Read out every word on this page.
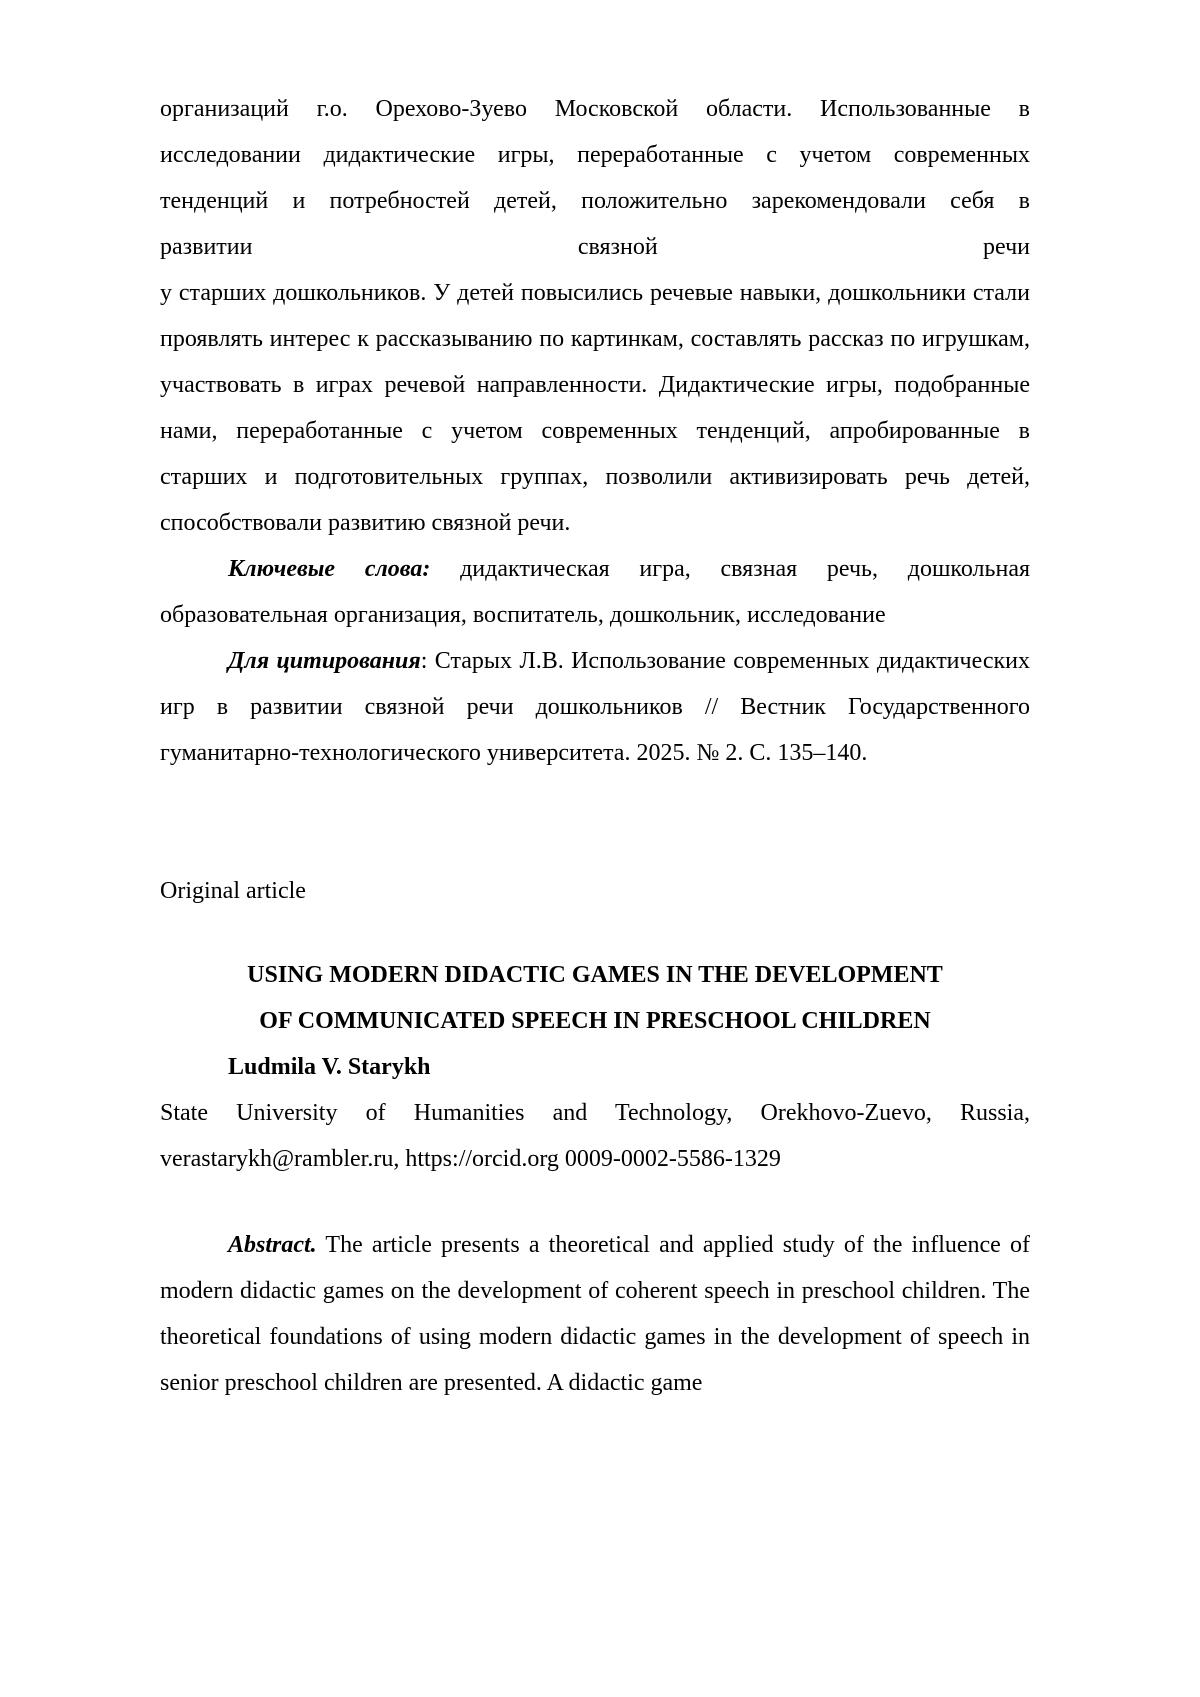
организаций г.о. Орехово-Зуево Московской области. Использованные в исследовании дидактические игры, переработанные с учетом современных тенденций и потребностей детей, положительно зарекомендовали себя в

развитии связной речи

у старших дошкольников. У детей повысились речевые навыки, дошкольники стали проявлять интерес к рассказыванию по картинкам, составлять рассказ по игрушкам, участвовать в играх речевой направленности. Дидактические игры, подобранные нами, переработанные с учетом современных тенденций, апробированные в старших и подготовительных группах, позволили активизировать речь детей, способствовали развитию связной речи.

Ключевые слова: дидактическая игра, связная речь, дошкольная образовательная организация, воспитатель, дошкольник, исследование

Для цитирования: Старых Л.В. Использование современных дидактических игр в развитии связной речи дошкольников // Вестник Государственного гуманитарно-технологического университета. 2025. № 2. С. 135–140.

Original article

USING MODERN DIDACTIC GAMES IN THE DEVELOPMENT

OF COMMUNICATED SPEECH IN PRESCHOOL CHILDREN

Ludmila V. Starykh

State University of Humanities and Technology, Orekhovo-Zuevo, Russia, verastarykh@rambler.ru, https://orcid.org 0009-0002-5586-1329

Abstract. The article presents a theoretical and applied study of the influence of modern didactic games on the development of coherent speech in preschool children. The theoretical foundations of using modern didactic games in the development of speech in senior preschool children are presented. A didactic game
